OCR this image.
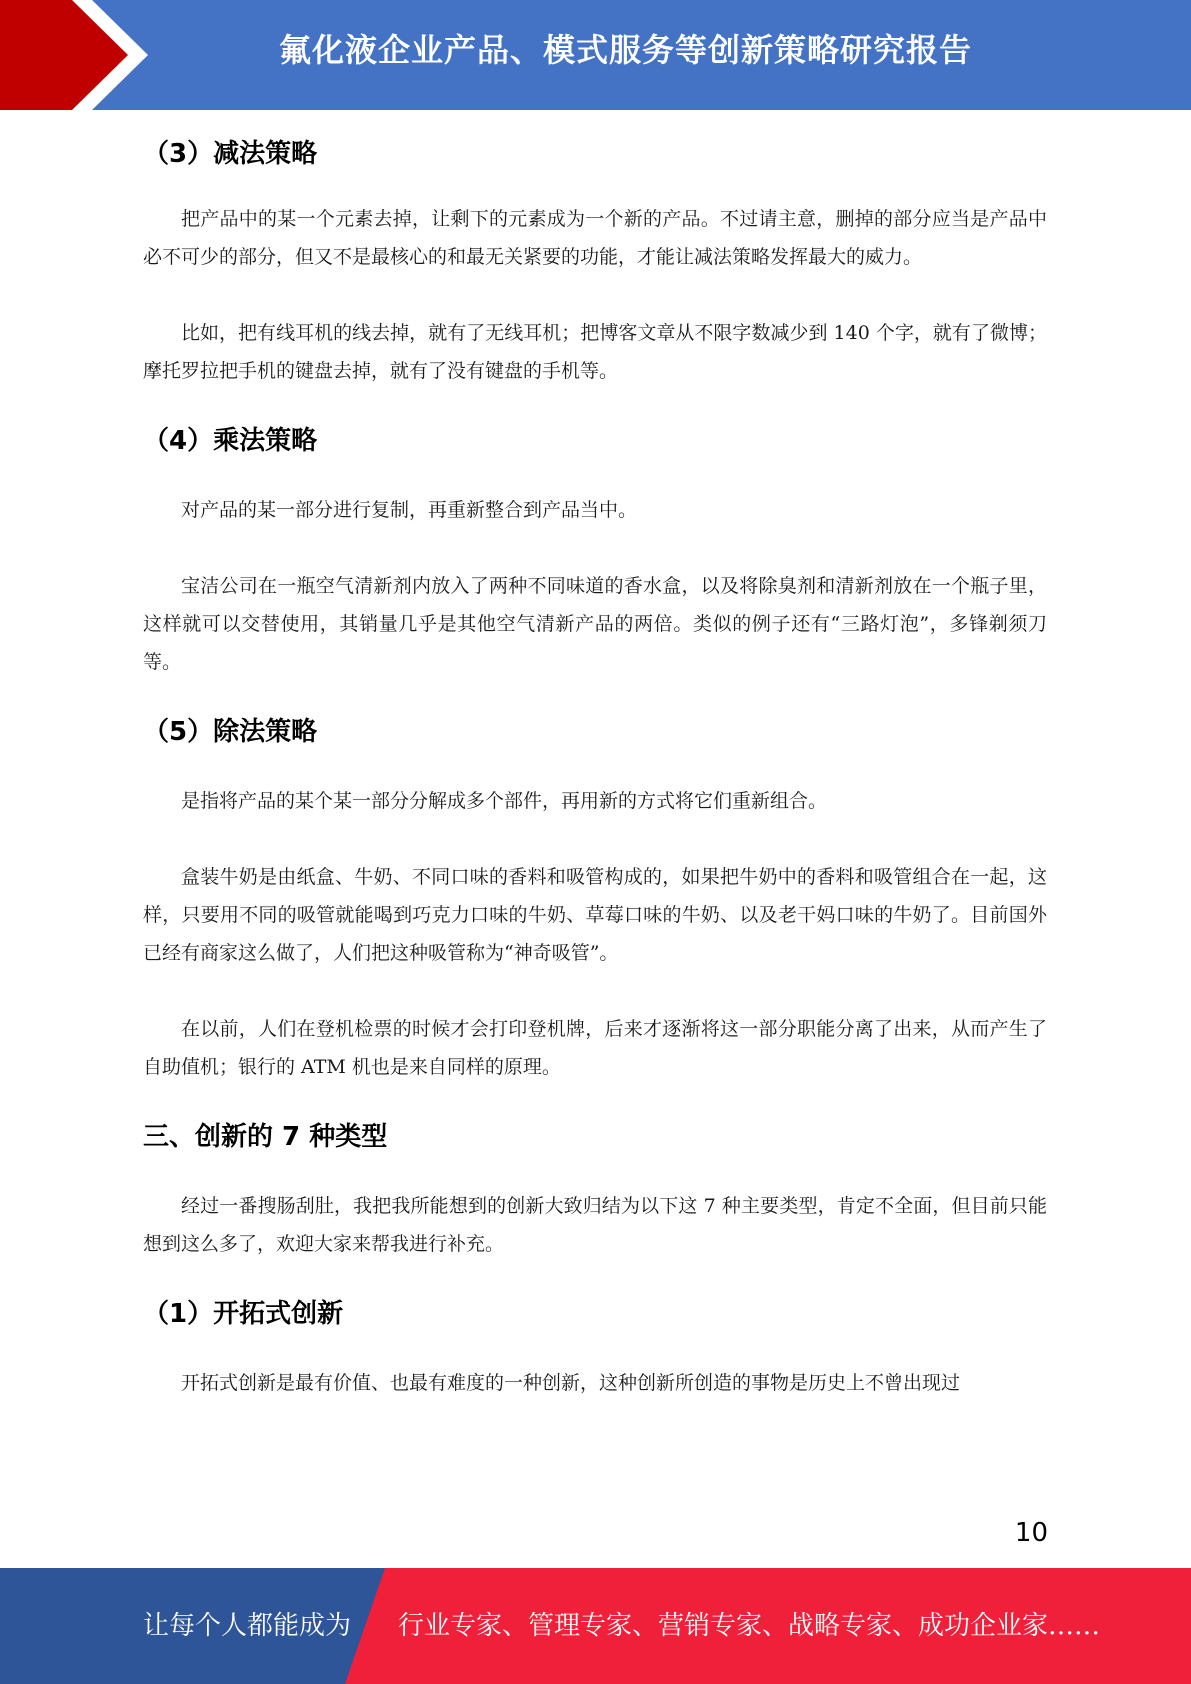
氟化液企业产品、模式服务等创新策略研究报告
（3）减法策略

把产品中的某一个元素去掉，让剩下的元素成为一个新的产品。不过请主意，删掉的部分应当是产品中必不可少的部分，但又不是最核心的和最无关紧要的功能，才能让减法策略发挥最大的威力。

比如，把有线耳机的线去掉，就有了无线耳机；把博客文章从不限字数减少到 140 个字，就有了微博；摩托罗拉把手机的键盘去掉，就有了没有键盘的手机等。

（4）乘法策略

对产品的某一部分进行复制，再重新整合到产品当中。

宝洁公司在一瓶空气清新剂内放入了两种不同味道的香水盒，以及将除臭剂和清新剂放在一个瓶子里，这样就可以交替使用，其销量几乎是其他空气清新产品的两倍。类似的例子还有“三路灯泡”，多锋剃须刀等。

（5）除法策略

是指将产品的某个某一部分分解成多个部件，再用新的方式将它们重新组合。

盒装牛奶是由纸盒、牛奶、不同口味的香料和吸管构成的，如果把牛奶中的香料和吸管组合在一起，这样，只要用不同的吸管就能喝到巧克力口味的牛奶、草莓口味的牛奶、以及老干妈口味的牛奶了。目前国外已经有商家这么做了，人们把这种吸管称为“神奇吸管”。

在以前，人们在登机检票的时候才会打印登机牌，后来才逐渐将这一部分职能分离了出来，从而产生了自助值机；银行的 ATM 机也是来自同样的原理。

三、创新的 7 种类型

经过一番搜肠刮肚，我把我所能想到的创新大致归结为以下这 7 种主要类型，肯定不全面，但目前只能想到这么多了，欢迎大家来帮我进行补充。

（1）开拓式创新

开拓式创新是最有价值、也最有难度的一种创新，这种创新所创造的事物是历史上不曾出现过

10
让每个人都能成为 行业专家、管理专家、营销专家、战略专家、成功企业家……
